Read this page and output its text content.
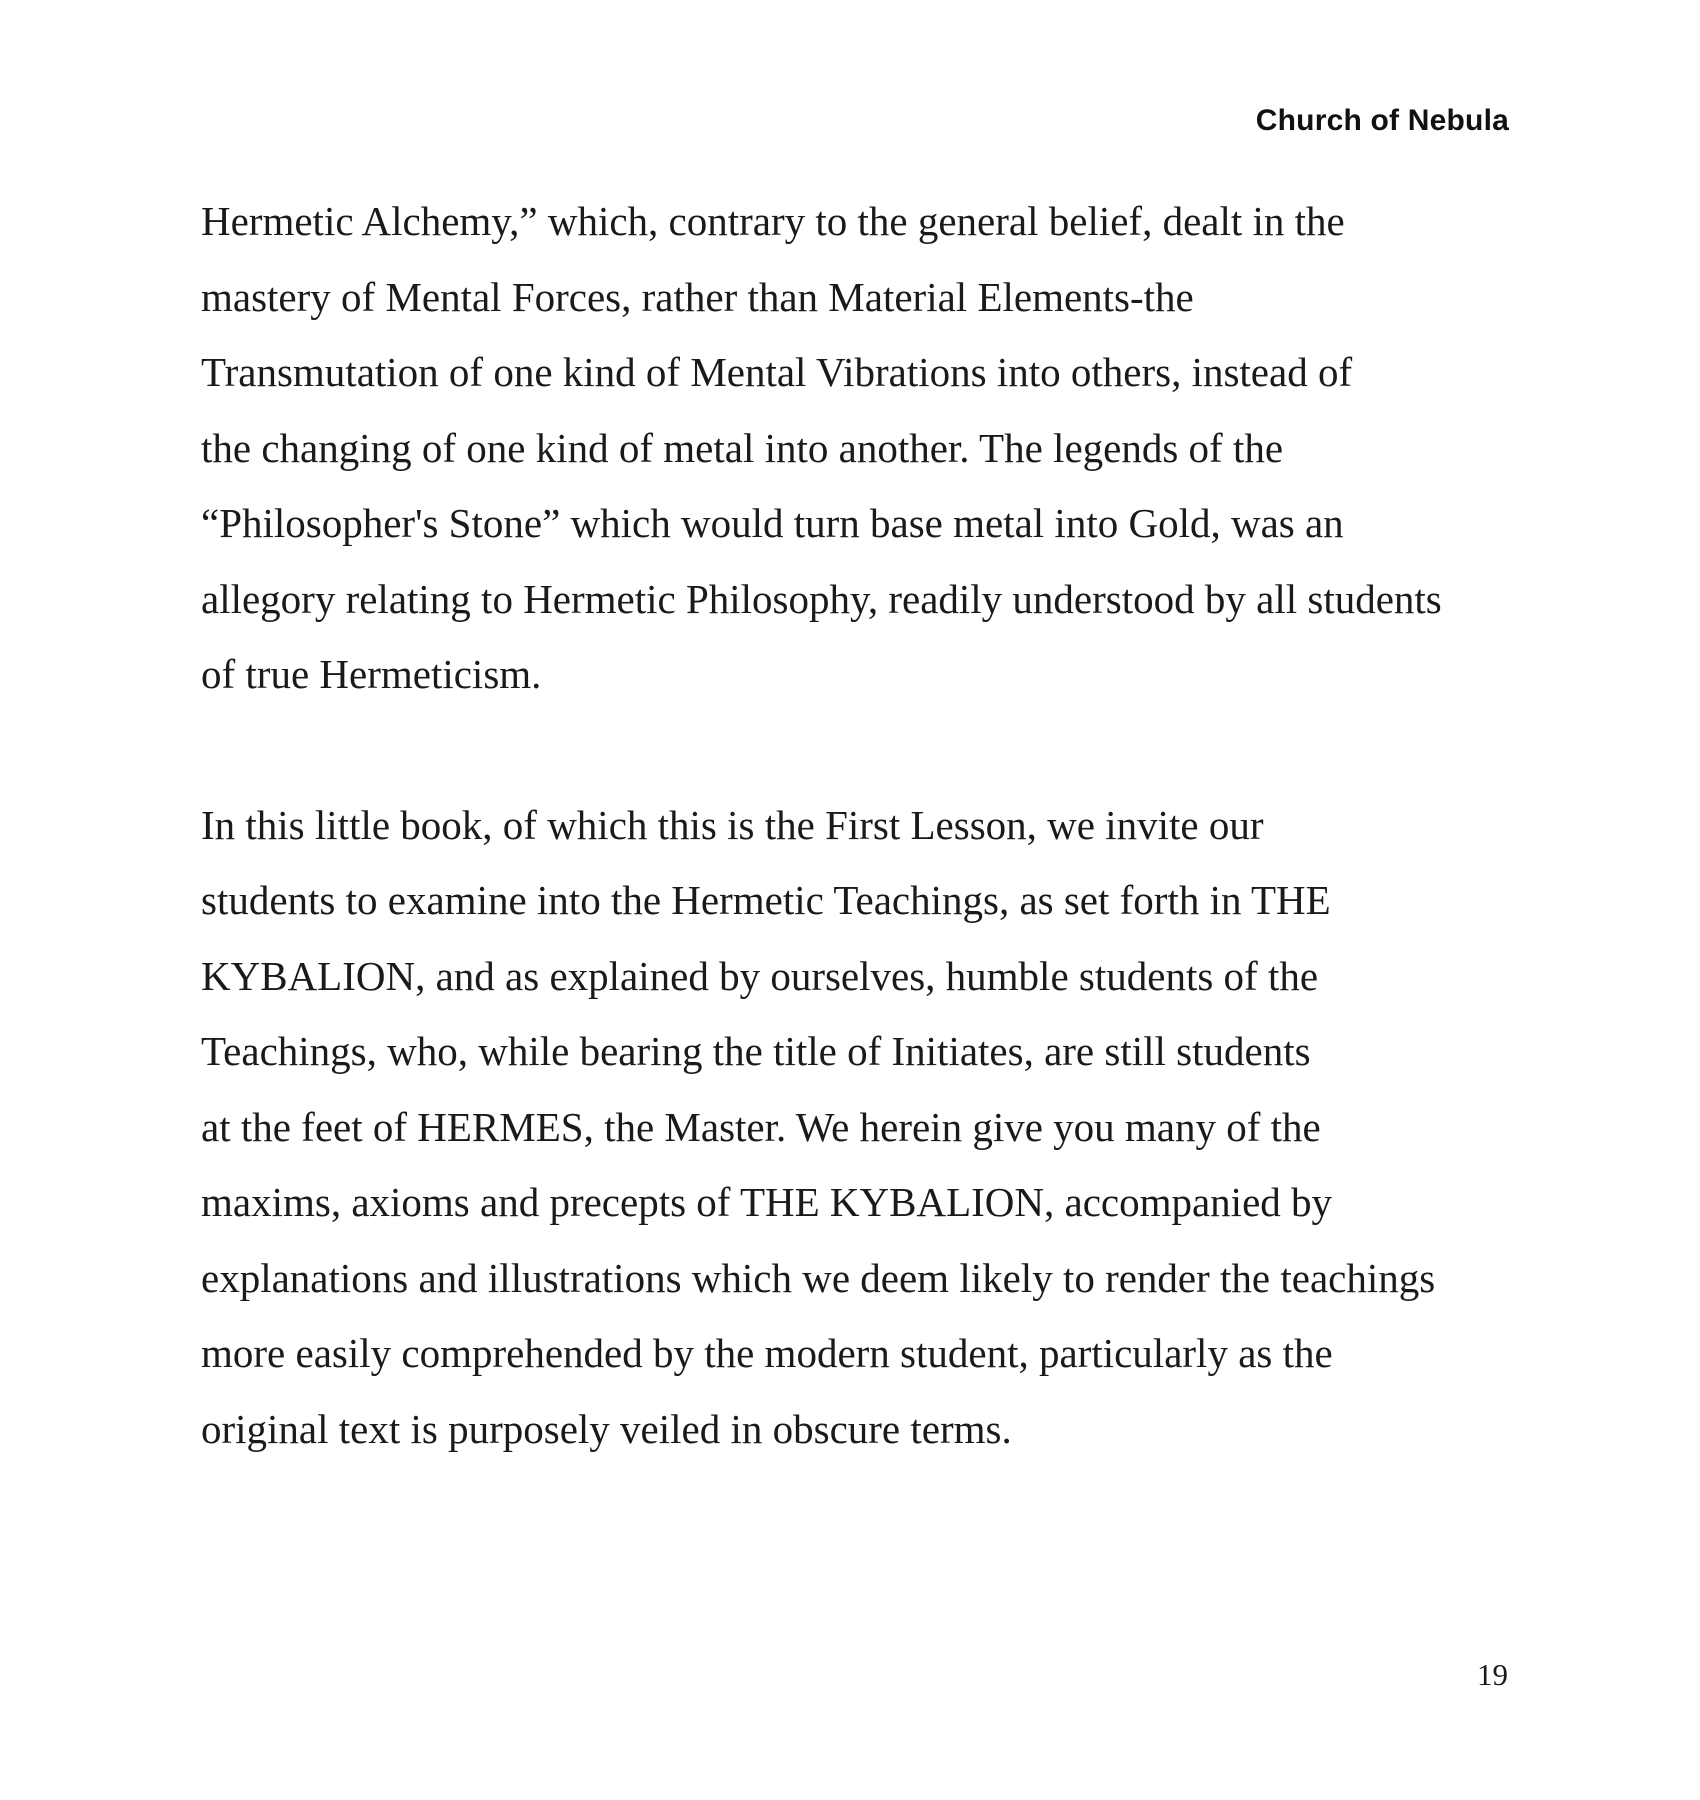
Church of Nebula
Hermetic Alchemy,” which, contrary to the general belief, dealt in the
mastery of Mental Forces, rather than Material Elements-the
Transmutation of one kind of Mental Vibrations into others, instead of
the changing of one kind of metal into another. The legends of the
“Philosopher's Stone” which would turn base metal into Gold, was an
allegory relating to Hermetic Philosophy, readily understood by all students
of true Hermeticism.
In this little book, of which this is the First Lesson, we invite our
students to examine into the Hermetic Teachings, as set forth in THE
KYBALION, and as explained by ourselves, humble students of the
Teachings, who, while bearing the title of Initiates, are still students
at the feet of HERMES, the Master. We herein give you many of the
maxims, axioms and precepts of THE KYBALION, accompanied by
explanations and illustrations which we deem likely to render the teachings
more easily comprehended by the modern student, particularly as the
original text is purposely veiled in obscure terms.
19
